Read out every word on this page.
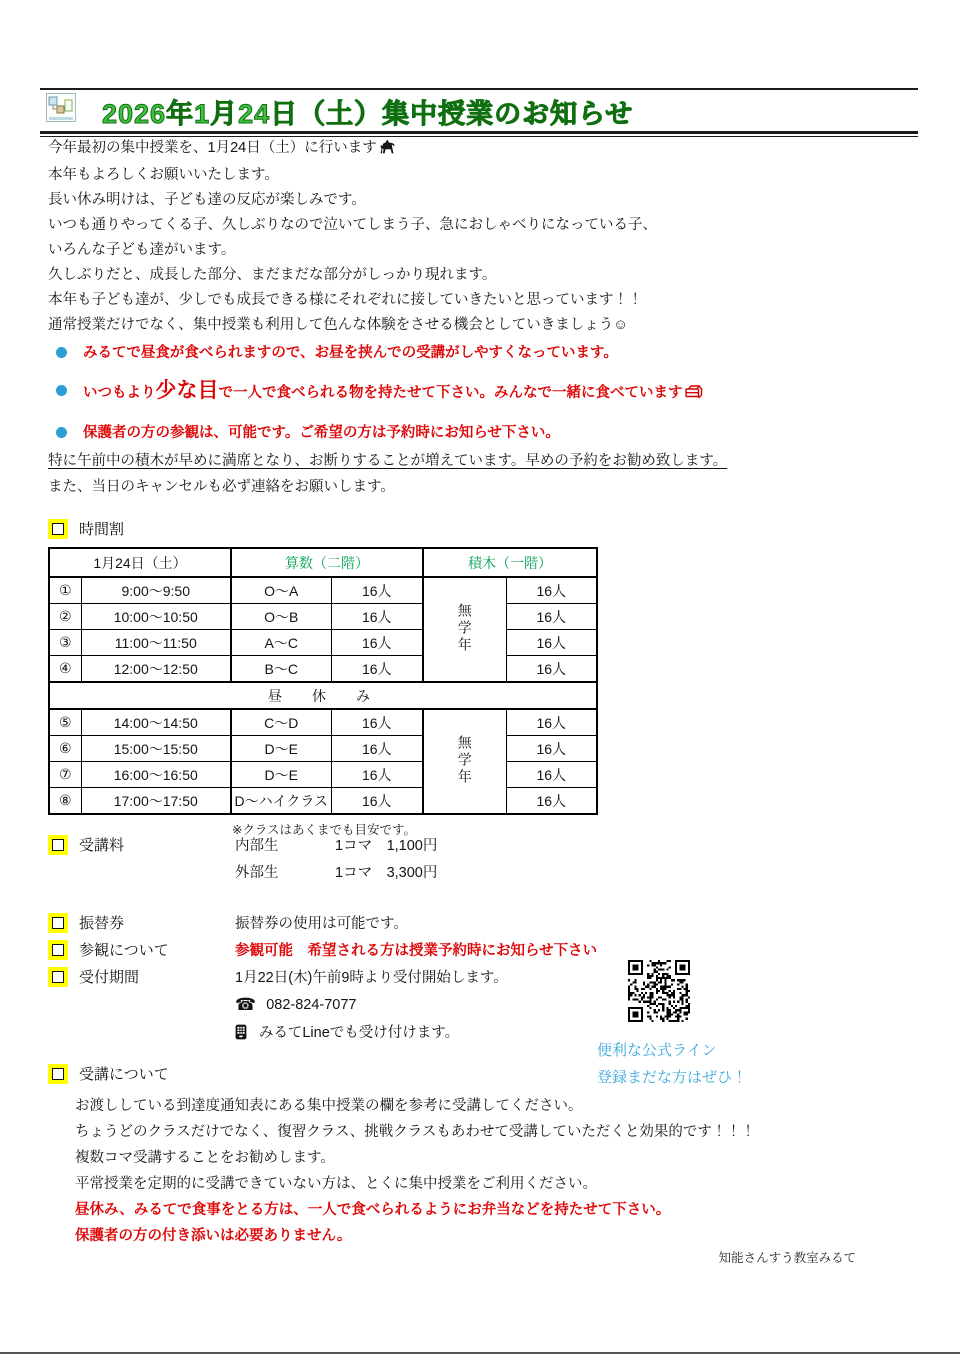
2026年1月24日（土）集中授業のお知らせ
今年最初の集中授業を、1月24日（土）に行います
本年もよろしくお願いいたします。
長い休み明けは、子ども達の反応が楽しみです。
いつも通りやってくる子、久しぶりなので泣いてしまう子、急におしゃべりになっている子、
いろんな子ども達がいます。
久しぶりだと、成長した部分、まだまだな部分がしっかり現れます。
本年も子ども達が、少しでも成長できる様にそれぞれに接していきたいと思っています！！
通常授業だけでなく、集中授業も利用して色んな体験をさせる機会としていきましょう☺
みるてで昼食が食べられますので、お昼を挟んでの受講がしやすくなっています。
いつもより少な目で一人で食べられる物を持たせて下さい。みんなで一緒に食べています
保護者の方の参観は、可能です。ご希望の方は予約時にお知らせ下さい。
特に午前中の積木が早めに満席となり、お断りすることが増えています。早めの予約をお勧め致します。
また、当日のキャンセルも必ず連絡をお願いします。
時間割
1月24日（土）		算数（二階）		積木（一階）	
①	9:00～9:50	O～A	16人	無学年	16人
②	10:00～10:50	O～B	16人		16人
③	11:00～11:50	A～C	16人		16人
④	12:00～12:50	B～C	16人		16人
昼　休　み					
⑤	14:00～14:50	C～D	16人	無学年	16人
⑥	15:00～15:50	D～E	16人		16人
⑦	16:00～16:50	D～E	16人		16人
⑧	17:00～17:50	D～ハイクラス	16人		16人
※クラスはあくまでも目安です。
受講料	内部生	1コマ　1,100円
外部生	1コマ　3,300円
振替券	振替券の使用は可能です。
参観について	参観可能　希望される方は授業予約時にお知らせ下さい
受付期間	1月22日(木)午前9時より受付開始します。
☎ 082-824-7077
みるてLineでも受け付けます。
便利な公式ライン
登録まだな方はぜひ！
受講について
お渡ししている到達度通知表にある集中授業の欄を参考に受講してください。
ちょうどのクラスだけでなく、復習クラス、挑戦クラスもあわせて受講していただくと効果的です！！！
複数コマ受講することをお勧めします。
平常授業を定期的に受講できていない方は、とくに集中授業をご利用ください。
昼休み、みるてで食事をとる方は、一人で食べられるようにお弁当などを持たせて下さい。
保護者の方の付き添いは必要ありません。
知能さんすう教室みるて
